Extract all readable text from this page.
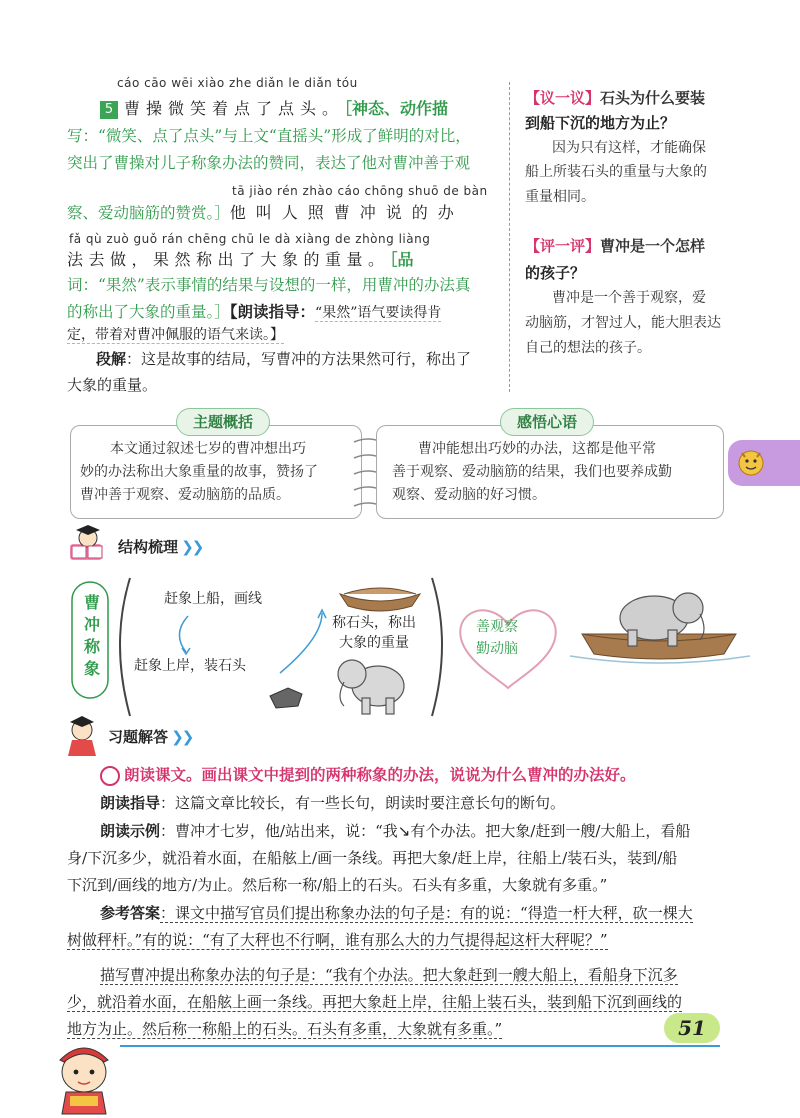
cáo cāo wēi xiào zhe diǎn le diǎn tóu
5 曹操微笑着点了点头。［神态、动作描
写：“微笑、点了点头”与上文“直摇头”形成了鲜明的对比，
突出了曹操对儿子称象办法的赞同，表达了他对曹冲善于观
tā jiào rén zhào cáo chōng shuō de bàn
察、爱动脑筋的赞赏。］他叫人照曹冲说的办
fǎ qù zuò guǒ rán chēng chū le dà xiàng de zhòng liàng
法去做，果然称出了大象的重量。［品
词：“果然”表示事情的结果与设想的一样，用曹冲的办法真
的称出了大象的重量。］【朗读指导：“果然”语气要读得肯
定，带着对曹冲佩服的语气来读。】
段解：这是故事的结局，写曹冲的方法果然可行，称出了
大象的重量。
【议一议】石头为什么要装
到船下沉的地方为止？
因为只有这样，才能确保
船上所装石头的重量与大象的
重量相同。
【评一评】曹冲是一个怎样
的孩子？
曹冲是一个善于观察，爱
动脑筋，才智过人，能大胆表达
自己的想法的孩子。
主题概括
本文通过叙述七岁的曹冲想出巧
妙的办法称出大象重量的故事，赞扬了
曹冲善于观察、爱动脑筋的品质。
感悟心语
曹冲能想出巧妙的办法，这都是他平常
善于观察、爱动脑筋的结果，我们也要养成勤
观察、爱动脑的好习惯。
结构梳理 ❯❯
曹
冲
称
象
赶象上船，画线
赶象上岸，装石头
称石头，称出
大象的重量
善观察
勤动脑
习题解答 ❯❯
朗读课文。画出课文中提到的两种称象的办法，说说为什么曹冲的办法好。
朗读指导：这篇文章比较长，有一些长句，朗读时要注意长句的断句。
朗读示例：曹冲才七岁，他/站出来，说：“我↘有个办法。把大象/赶到一艘/大船上，看船
身/下沉多少，就沿着水面，在船舷上/画一条线。再把大象/赶上岸，往船上/装石头，装到/船
下沉到/画线的地方/为止。然后称一称/船上的石头。石头有多重，大象就有多重。”
参考答案：课文中描写官员们提出称象办法的句子是：有的说：“得造一杆大秤，砍一棵大
树做秤杆。”有的说：“有了大秤也不行啊，谁有那么大的力气提得起这杆大秤呢？”
描写曹冲提出称象办法的句子是：“我有个办法。把大象赶到一艘大船上，看船身下沉多
少，就沿着水面，在船舷上画一条线。再把大象赶上岸，往船上装石头，装到船下沉到画线的
地方为止。然后称一称船上的石头。石头有多重，大象就有多重。”	51
